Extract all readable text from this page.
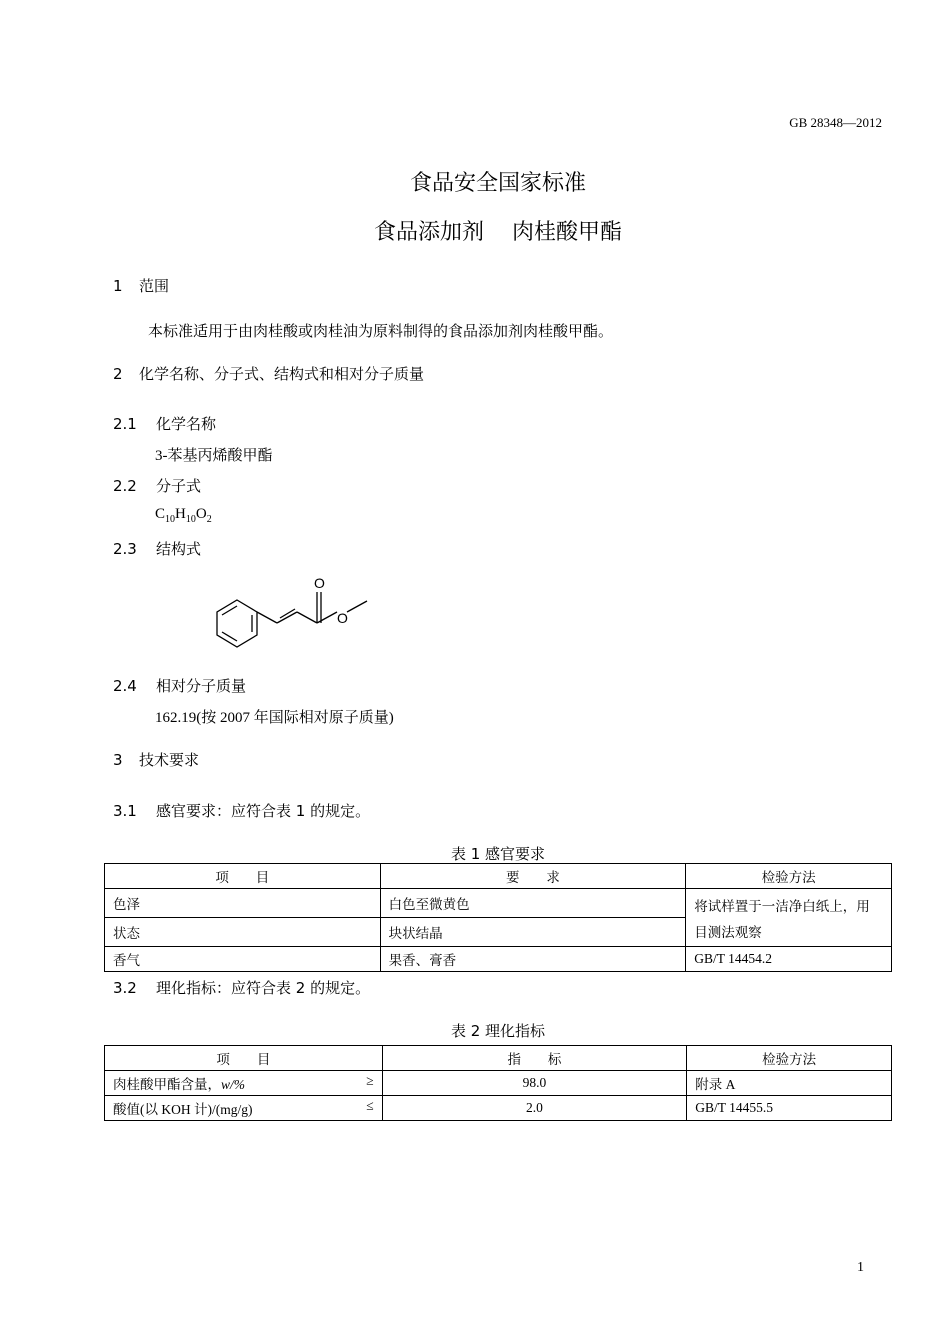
GB 28348—2012
食品安全国家标准
食品添加剂 肉桂酸甲酯
1 范围
本标准适用于由肉桂酸或肉桂油为原料制得的食品添加剂肉桂酸甲酯。
2 化学名称、分子式、结构式和相对分子质量
2.1 化学名称
3-苯基丙烯酸甲酯
2.2 分子式
$C_{10}H_{10}O_2$
2.3 结构式
O
O
2.4 相对分子质量
162.19(按 2007 年国际相对原子质量)
3 技术要求
3.1 感官要求：应符合表 1 的规定。
表 1 感官要求
项　　目	要　　求	检验方法
色泽	白色至微黄色	将试样置于一洁净白纸上，用目测法观察
状态	块状结晶	
香气	果香、膏香	GB/T 14454.2
3.2 理化指标：应符合表 2 的规定。
表 2 理化指标
项　　目	指　　标	检验方法
肉桂酸甲酯含量，w/% ≥	98.0	附录 A
酸值(以 KOH 计)/(mg/g) ≤	2.0	GB/T 14455.5
1
